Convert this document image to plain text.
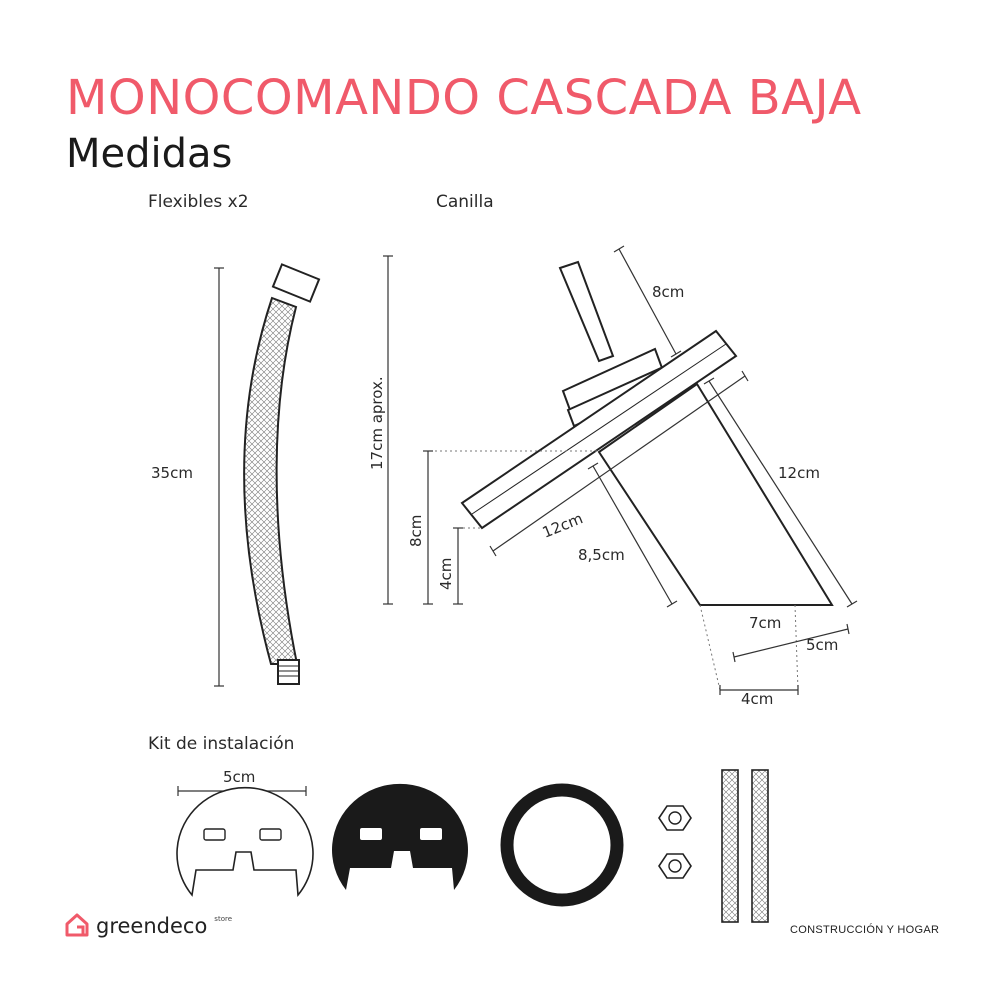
MONOCOMANDO CASCADA BAJA
Medidas
Flexibles x2	Canilla
Kit de instalación
35cm
17cm aprox.
8cm
4cm
8cm
12cm
12cm
8,5cm
7cm
5cm
4cm
5cm
greendeco store
CONSTRUCCIÓN Y HOGAR
